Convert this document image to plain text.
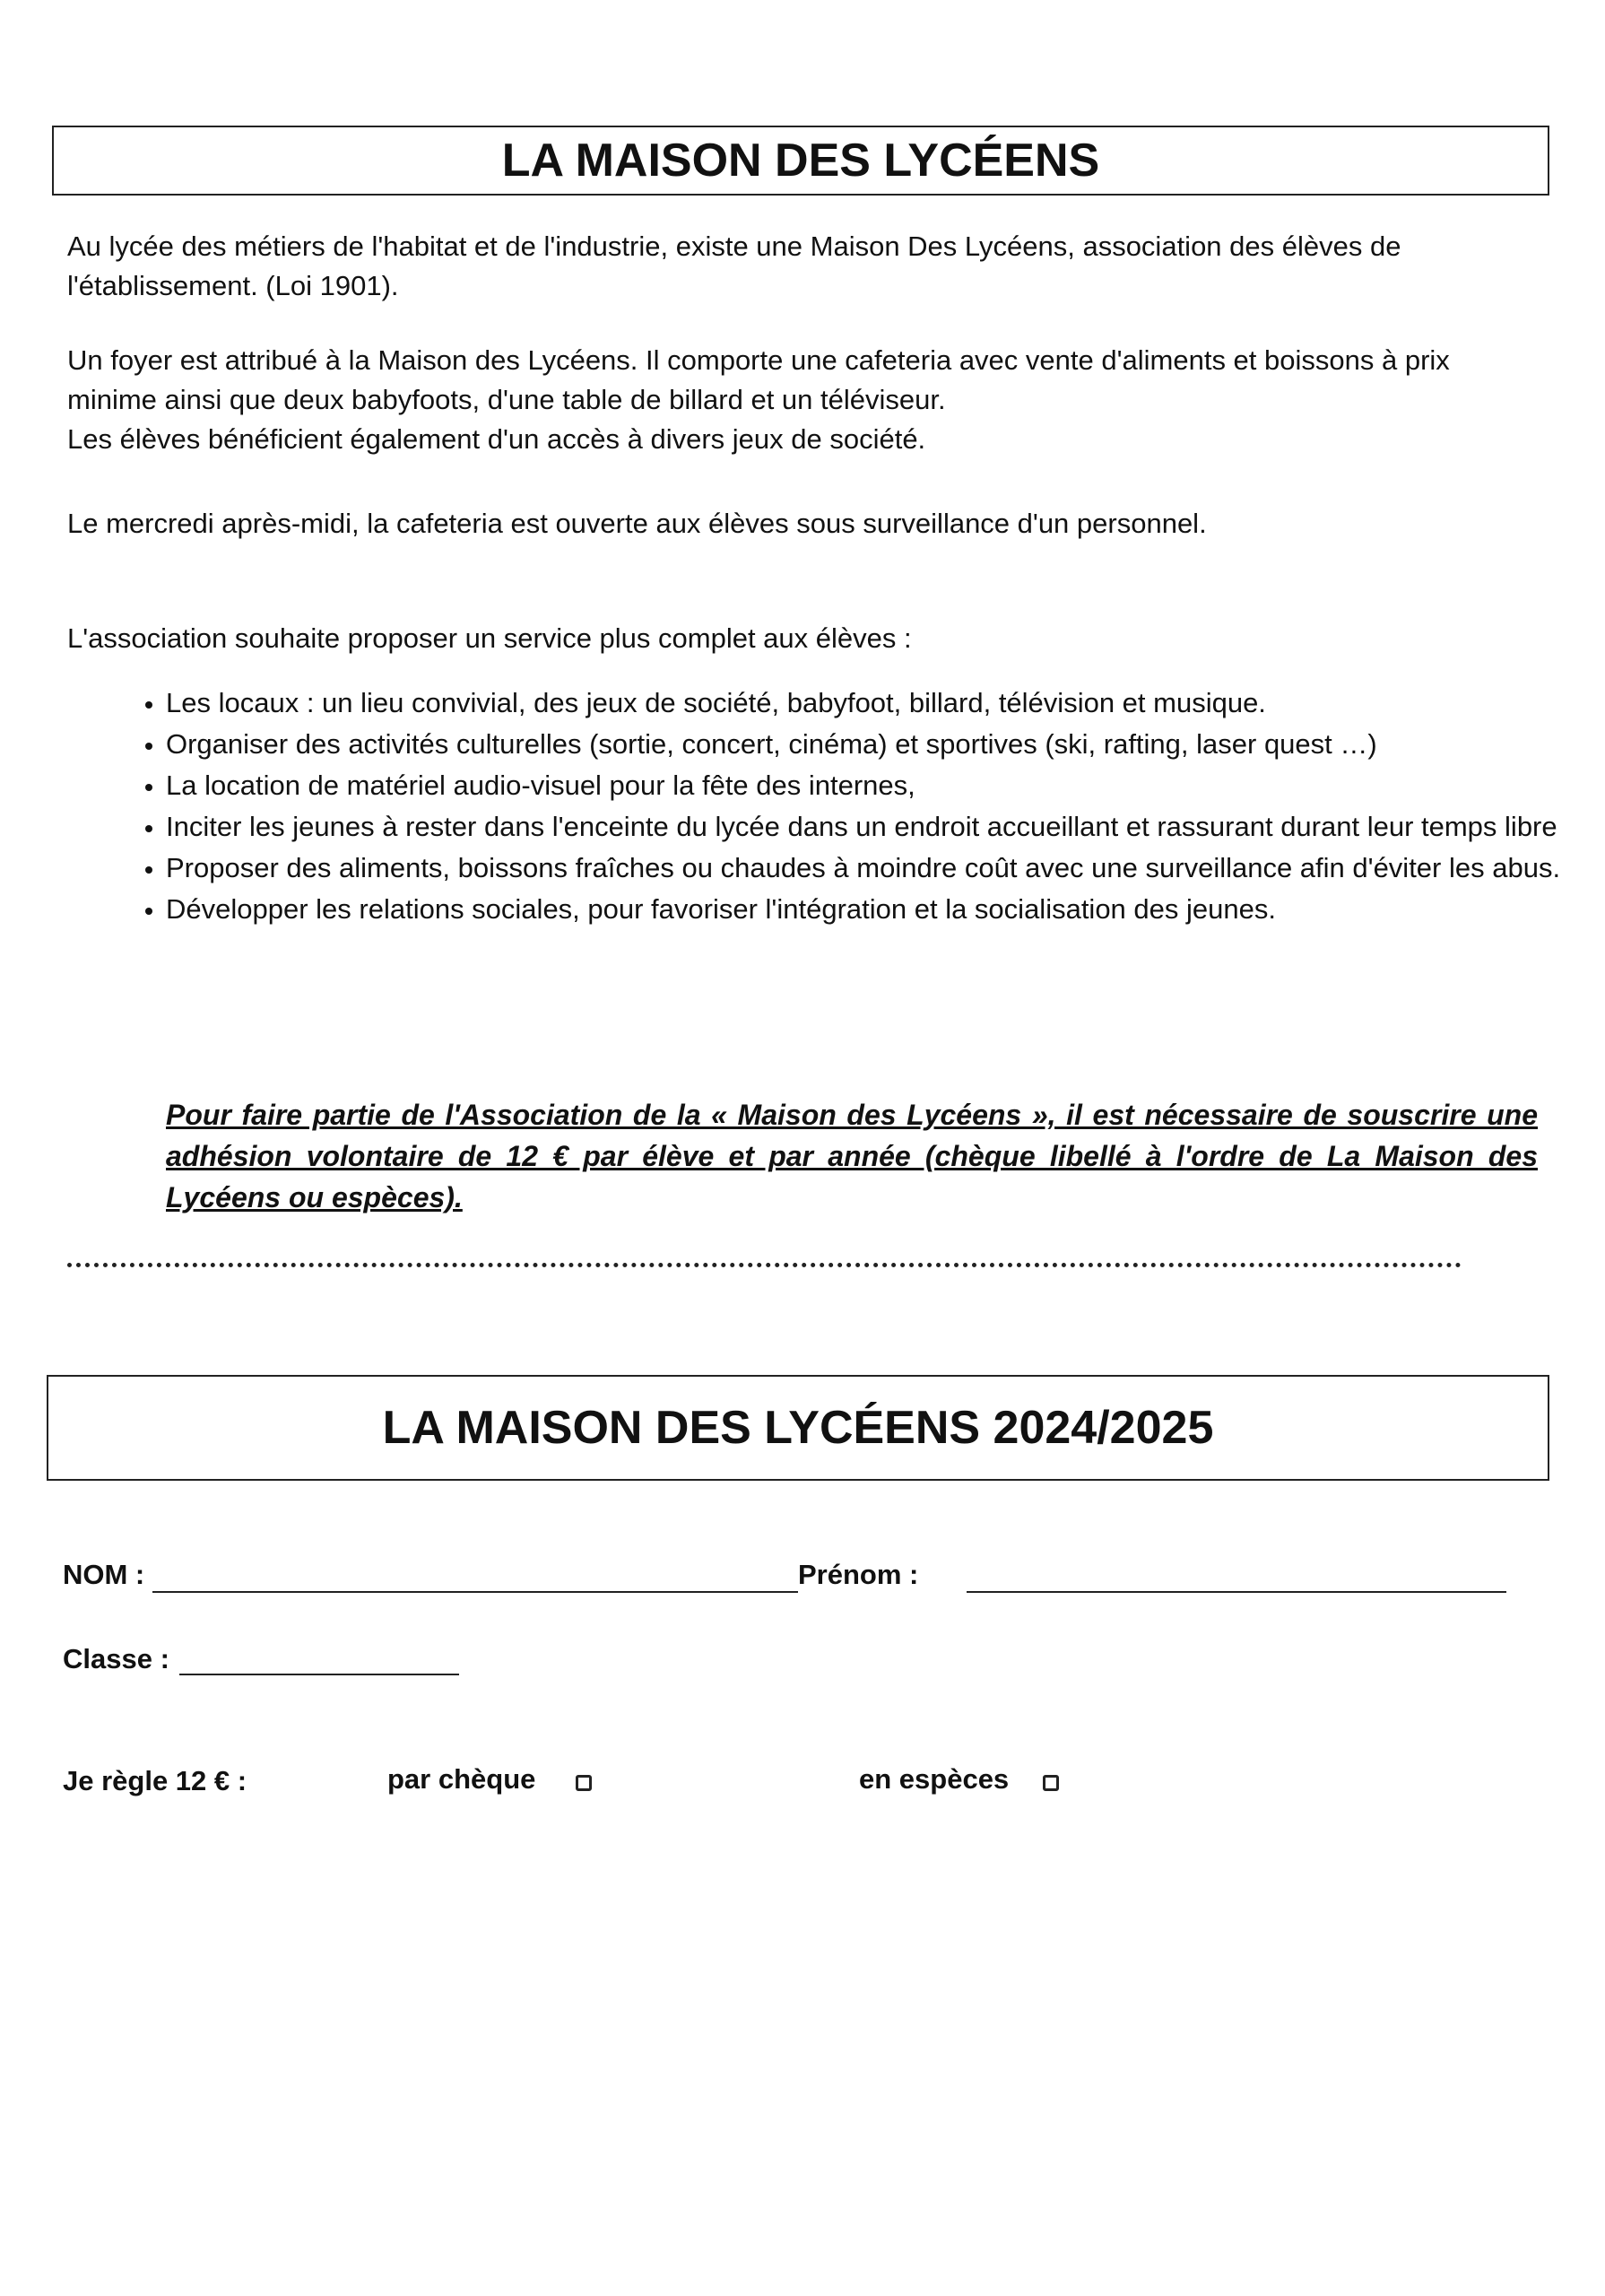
LA MAISON DES LYCÉENS

Au lycée des métiers de l'habitat et de l'industrie, existe une Maison Des Lycéens, association des élèves de l'établissement. (Loi 1901).

Un foyer est attribué à la Maison des Lycéens. Il comporte une cafeteria avec vente d'aliments et boissons à prix minime ainsi que deux babyfoots, d'une table de billard et un téléviseur.

Les élèves bénéficient également d'un accès à divers jeux de société.

Le mercredi après-midi, la cafeteria est ouverte aux élèves sous surveillance d'un personnel.

L'association souhaite proposer un service plus complet aux élèves :

• Les locaux : un lieu convivial, des jeux de société, babyfoot, billard, télévision et musique.
• Organiser des activités culturelles (sortie, concert, cinéma) et sportives (ski, rafting, laser quest …)
• La location de matériel audio-visuel pour la fête des internes,
• Inciter les jeunes à rester dans l'enceinte du lycée dans un endroit accueillant et rassurant durant leur temps libre
• Proposer des aliments, boissons fraîches ou chaudes à moindre coût avec une surveillance afin d'éviter les abus.
• Développer les relations sociales, pour favoriser l'intégration et la socialisation des jeunes.

Pour faire partie de l'Association de la « Maison des Lycéens », il est nécessaire de souscrire une adhésion volontaire de 12 € par élève et par année (chèque libellé à l'ordre de La Maison des Lycéens ou espèces).

LA MAISON DES LYCÉENS 2024/2025
NOM :	Prénom :
Classe :
Je règle 12 € :	par chèque	en espèces
